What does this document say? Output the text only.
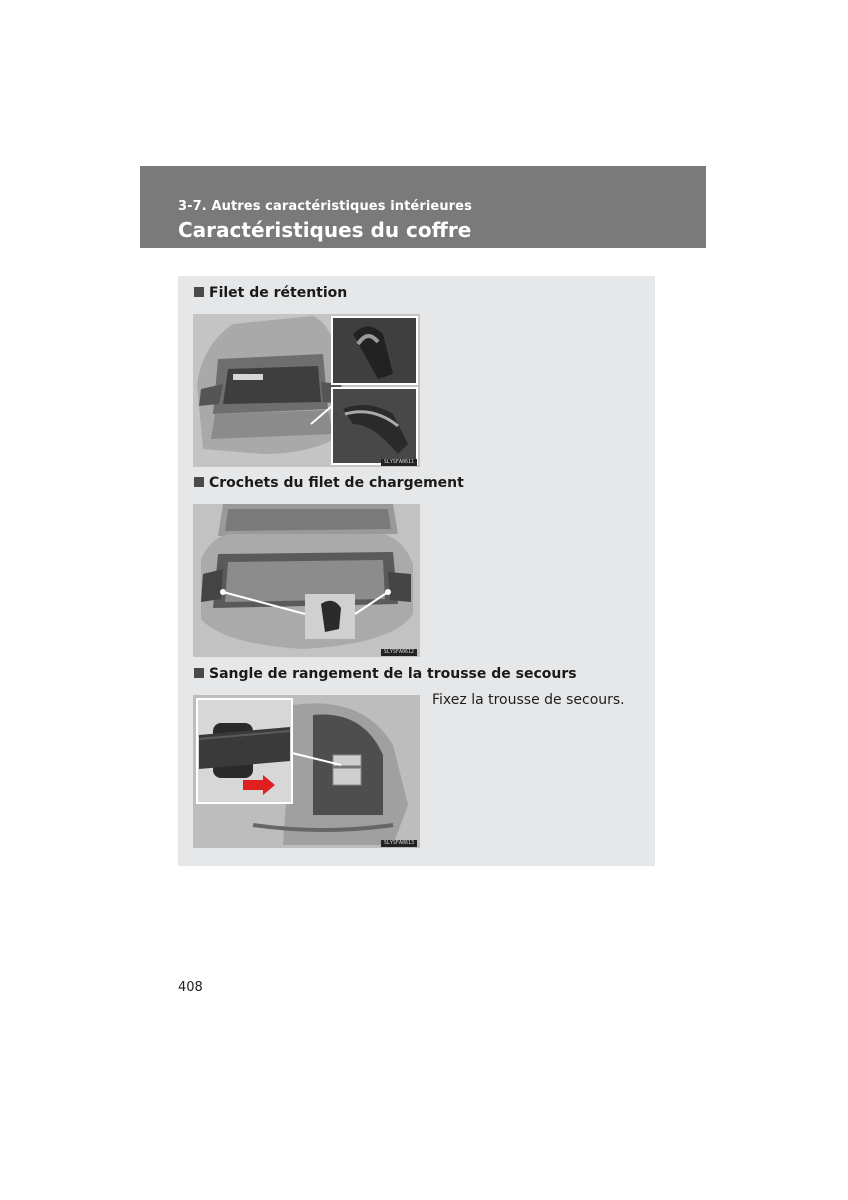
3-7. Autres caractéristiques intérieures
Caractéristiques du coffre
Filet de rétention
SLYSFA0611
Crochets du filet de chargement
SLYSFA0612
Sangle de rangement de la trousse de secours
SLYSFA0613
Fixez la trousse de secours.
408
